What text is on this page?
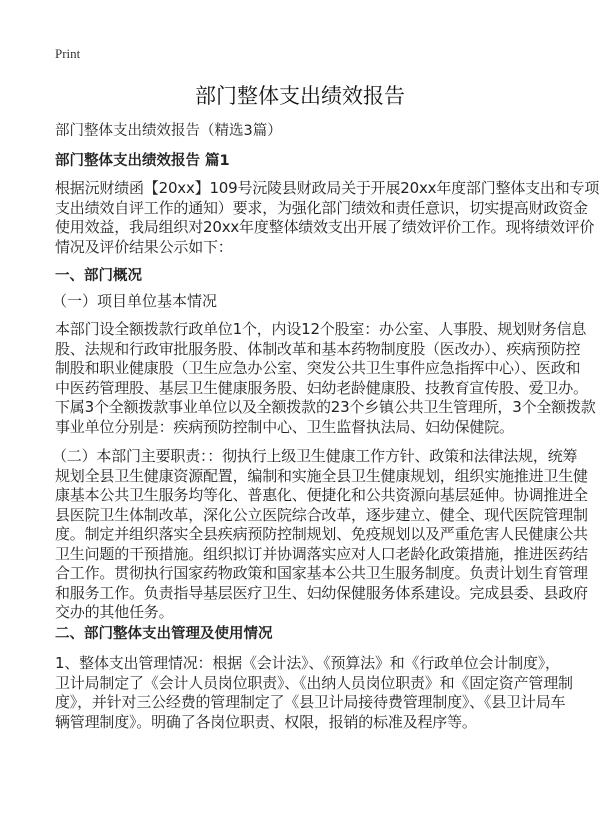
Print
部门整体支出绩效报告
部门整体支出绩效报告（精选3篇）
部门整体支出绩效报告 篇1
根据沅财绩函【20xx】109号沅陵县财政局关于开展20xx年度部门整体支出和专项
支出绩效自评工作的通知）要求，为强化部门绩效和责任意识，切实提高财政资金
使用效益，我局组织对20xx年度整体绩效支出开展了绩效评价工作。现将绩效评价
情况及评价结果公示如下：
一、部门概况
（一）项目单位基本情况
本部门设全额拨款行政单位1个，内设12个股室：办公室、人事股、规划财务信息
股、法规和行政审批服务股、体制改革和基本药物制度股（医改办）、疾病预防控
制股和职业健康股（卫生应急办公室、突发公共卫生事件应急指挥中心）、医政和
中医药管理股、基层卫生健康服务股、妇幼老龄健康股、技教育宣传股、爱卫办。
下属3个全额拨款事业单位以及全额拨款的23个乡镇公共卫生管理所，3个全额拨款
事业单位分别是：疾病预防控制中心、卫生监督执法局、妇幼保健院。
（二）本部门主要职责：：彻执行上级卫生健康工作方针、政策和法律法规，统筹
规划全县卫生健康资源配置，编制和实施全县卫生健康规划，组织实施推进卫生健
康基本公共卫生服务均等化、普惠化、便捷化和公共资源向基层延伸。协调推进全
县医院卫生体制改革，深化公立医院综合改革，逐步建立、健全、现代医院管理制
度。制定并组织落实全县疾病预防控制规划、免疫规划以及严重危害人民健康公共
卫生问题的干预措施。组织拟订并协调落实应对人口老龄化政策措施，推进医药结
合工作。贯彻执行国家药物政策和国家基本公共卫生服务制度。负责计划生育管理
和服务工作。负责指导基层医疗卫生、妇幼保健服务体系建设。完成县委、县政府
交办的其他任务。
二、部门整体支出管理及使用情况
1、整体支出管理情况：根据《会计法》、《预算法》和《行政单位会计制度》，
卫计局制定了《会计人员岗位职责》、《出纳人员岗位职责》和《固定资产管理制
度》，并针对三公经费的管理制定了《县卫计局接待费管理制度》、《县卫计局车
辆管理制度》。明确了各岗位职责、权限，报销的标准及程序等。
